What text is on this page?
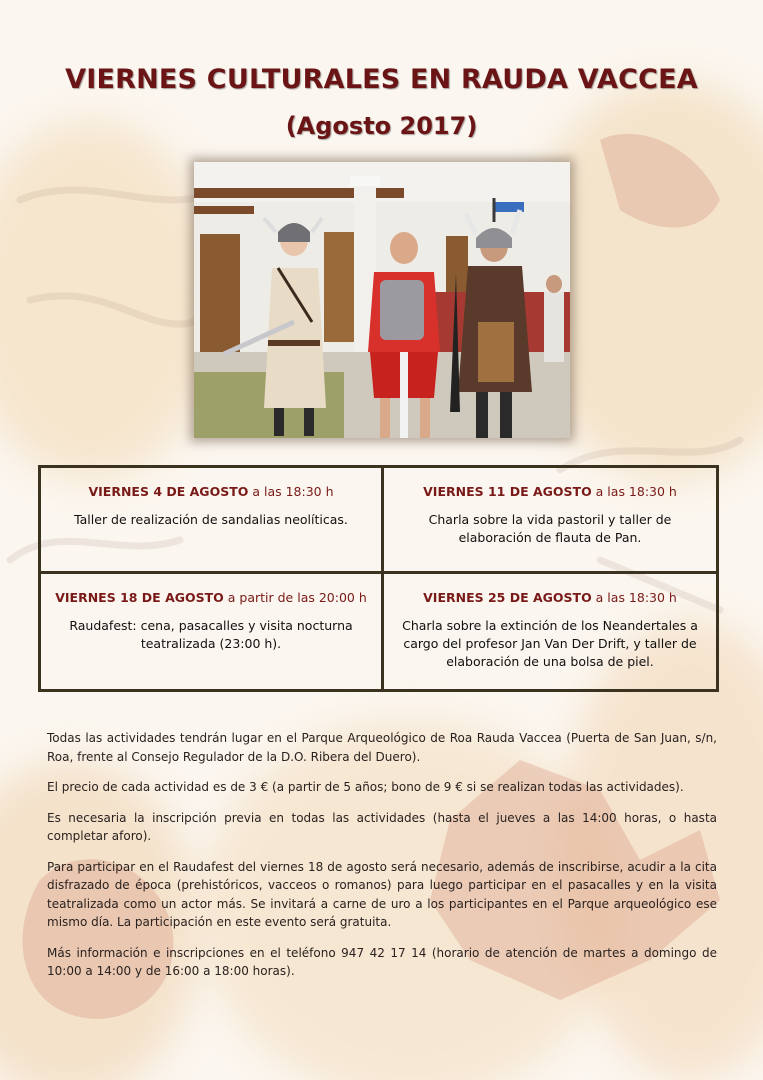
VIERNES CULTURALES EN RAUDA VACCEA
(Agosto 2017)
VIERNES 4 DE AGOSTO a las 18:30 h
Taller de realización de sandalias neolíticas.
VIERNES 11 DE AGOSTO a las 18:30 h
Charla sobre la vida pastoril y taller de elaboración de flauta de Pan.
VIERNES 18 DE AGOSTO a partir de las 20:00 h
Raudafest: cena, pasacalles y visita nocturna teatralizada (23:00 h).
VIERNES 25 DE AGOSTO a las 18:30 h
Charla sobre la extinción de los Neandertales a cargo del profesor Jan Van Der Drift, y taller de elaboración de una bolsa de piel.

Todas las actividades tendrán lugar en el Parque Arqueológico de Roa Rauda Vaccea (Puerta de San Juan, s/n, Roa, frente al Consejo Regulador de la D.O. Ribera del Duero).

El precio de cada actividad es de 3 € (a partir de 5 años; bono de 9 € si se realizan todas las actividades).

Es necesaria la inscripción previa en todas las actividades (hasta el jueves a las 14:00 horas, o hasta completar aforo).

Para participar en el Raudafest del viernes 18 de agosto será necesario, además de inscribirse, acudir a la cita disfrazado de época (prehistóricos, vacceos o romanos) para luego participar en el pasacalles y en la visita teatralizada como un actor más. Se invitará a carne de uro a los participantes en el Parque arqueológico ese mismo día. La participación en este evento será gratuita.

Más información e inscripciones en el teléfono 947 42 17 14 (horario de atención de martes a domingo de 10:00 a 14:00 y de 16:00 a 18:00 horas).
